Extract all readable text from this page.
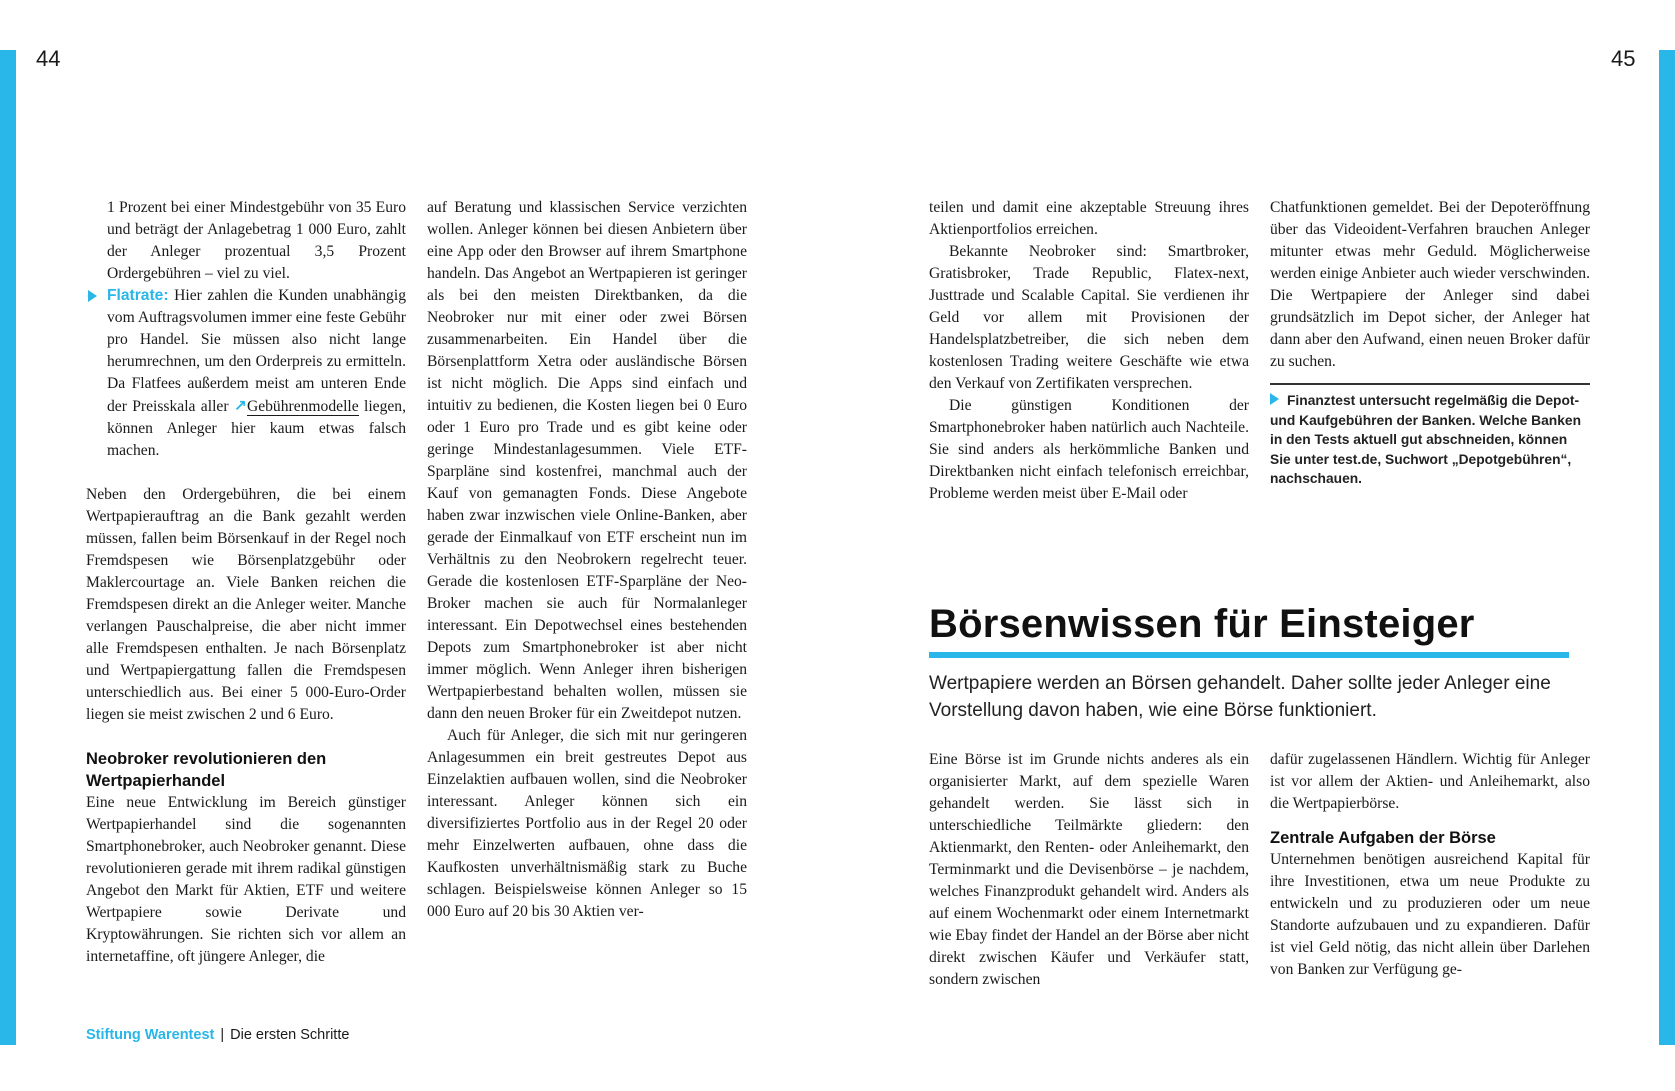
44	45

1 Prozent bei einer Mindestgebühr von 35 Euro und beträgt der Anlagebetrag 1 000 Euro, zahlt der Anleger prozentual 3,5 Prozent Ordergebühren – viel zu viel.

Flatrate: Hier zahlen die Kunden unabhängig vom Auftragsvolumen immer eine feste Gebühr pro Handel. Sie müssen also nicht lange herumrechnen, um den Orderpreis zu ermitteln. Da Flatfees außerdem meist am unteren Ende der Preisskala aller ↗Gebührenmodelle liegen, können Anleger hier kaum etwas falsch machen.

Neben den Ordergebühren, die bei einem Wertpapierauftrag an die Bank gezahlt werden müssen, fallen beim Börsenkauf in der Regel noch Fremdspesen wie Börsenplatzgebühr oder Maklercourtage an. Viele Banken reichen die Fremdspesen direkt an die Anleger weiter. Manche verlangen Pauschalpreise, die aber nicht immer alle Fremdspesen enthalten. Je nach Börsenplatz und Wertpapiergattung fallen die Fremdspesen unterschiedlich aus. Bei einer 5 000-Euro-Order liegen sie meist zwischen 2 und 6 Euro.

Neobroker revolutionieren den Wertpapierhandel

Eine neue Entwicklung im Bereich günstiger Wertpapierhandel sind die sogenannten Smartphonebroker, auch Neobroker genannt. Diese revolutionieren gerade mit ihrem radikal günstigen Angebot den Markt für Aktien, ETF und weitere Wertpapiere sowie Derivate und Kryptowährungen. Sie richten sich vor allem an internetaffine, oft jüngere Anleger, die

auf Beratung und klassischen Service verzichten wollen. Anleger können bei diesen Anbietern über eine App oder den Browser auf ihrem Smartphone handeln. Das Angebot an Wertpapieren ist geringer als bei den meisten Direktbanken, da die Neobroker nur mit einer oder zwei Börsen zusammenarbeiten. Ein Handel über die Börsenplattform Xetra oder ausländische Börsen ist nicht möglich. Die Apps sind einfach und intuitiv zu bedienen, die Kosten liegen bei 0 Euro oder 1 Euro pro Trade und es gibt keine oder geringe Mindestanlagesummen. Viele ETF-Sparpläne sind kostenfrei, manchmal auch der Kauf von gemanagten Fonds. Diese Angebote haben zwar inzwischen viele Online-Banken, aber gerade der Einmalkauf von ETF erscheint nun im Verhältnis zu den Neobrokern regelrecht teuer. Gerade die kostenlosen ETF-Sparpläne der Neo-Broker machen sie auch für Normalanleger interessant. Ein Depotwechsel eines bestehenden Depots zum Smartphonebroker ist aber nicht immer möglich. Wenn Anleger ihren bisherigen Wertpapierbestand behalten wollen, müssen sie dann den neuen Broker für ein Zweitdepot nutzen.

Auch für Anleger, die sich mit nur geringeren Anlagesummen ein breit gestreutes Depot aus Einzelaktien aufbauen wollen, sind die Neobroker interessant. Anleger können sich ein diversifiziertes Portfolio aus in der Regel 20 oder mehr Einzelwerten aufbauen, ohne dass die Kaufkosten unverhältnismäßig stark zu Buche schlagen. Beispielsweise können Anleger so 15 000 Euro auf 20 bis 30 Aktien ver-

teilen und damit eine akzeptable Streuung ihres Aktienportfolios erreichen.

Bekannte Neobroker sind: Smartbroker, Gratisbroker, Trade Republic, Flatex-next, Justtrade und Scalable Capital. Sie verdienen ihr Geld vor allem mit Provisionen der Handelsplatzbetreiber, die sich neben dem kostenlosen Trading weitere Geschäfte wie etwa den Verkauf von Zertifikaten versprechen.

Die günstigen Konditionen der Smartphonebroker haben natürlich auch Nachteile. Sie sind anders als herkömmliche Banken und Direktbanken nicht einfach telefonisch erreichbar, Probleme werden meist über E-Mail oder

Chatfunktionen gemeldet. Bei der Depoteröffnung über das Videoident-Verfahren brauchen Anleger mitunter etwas mehr Geduld. Möglicherweise werden einige Anbieter auch wieder verschwinden. Die Wertpapiere der Anleger sind dabei grundsätzlich im Depot sicher, der Anleger hat dann aber den Aufwand, einen neuen Broker dafür zu suchen.

Finanztest untersucht regelmäßig die Depot- und Kaufgebühren der Banken. Welche Banken in den Tests aktuell gut abschneiden, können Sie unter test.de, Suchwort „Depotgebühren“, nachschauen.
Börsenwissen für Einsteiger
Wertpapiere werden an Börsen gehandelt. Daher sollte jeder Anleger eine Vorstellung davon haben, wie eine Börse funktioniert.

Eine Börse ist im Grunde nichts anderes als ein organisierter Markt, auf dem spezielle Waren gehandelt werden. Sie lässt sich in unterschiedliche Teilmärkte gliedern: den Aktienmarkt, den Renten- oder Anleihemarkt, den Terminmarkt und die Devisenbörse – je nachdem, welches Finanzprodukt gehandelt wird. Anders als auf einem Wochenmarkt oder einem Internetmarkt wie Ebay findet der Handel an der Börse aber nicht direkt zwischen Käufer und Verkäufer statt, sondern zwischen

dafür zugelassenen Händlern. Wichtig für Anleger ist vor allem der Aktien- und Anleihemarkt, also die Wertpapierbörse.

Zentrale Aufgaben der Börse

Unternehmen benötigen ausreichend Kapital für ihre Investitionen, etwa um neue Produkte zu entwickeln und zu produzieren oder um neue Standorte aufzubauen und zu expandieren. Dafür ist viel Geld nötig, das nicht allein über Darlehen von Banken zur Verfügung ge-

Stiftung Warentest | Die ersten Schritte
